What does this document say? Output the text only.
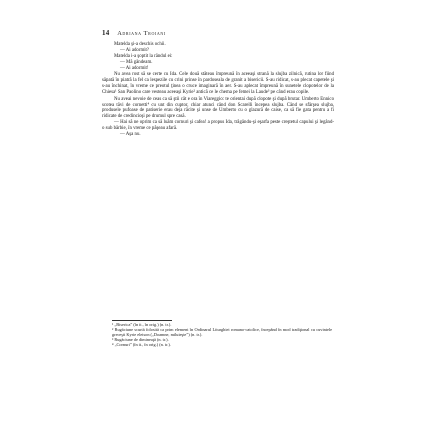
14 Adriana Troiani

Matelda şi-a deschis ochii.

— Ai adormit?

Matelda i-a şoptit la rândul ei:

— Mă gândeam.

— Ai adormit!

Nu avea rost să se certe cu Ida. Cele două stăteau împreună în aceeaşi strană la slujba zilnică, rutina lor fiind săpată în piatră la fel ca lespezile cu crini prinse în pardoseala de granit a bisericii. S-au ridicat, s-au plecat capetele şi s-au închinat, în vreme ce preotul ţinea o cruce imaginară în aer. S-au aplecat împreună în sunetele clopotelor de la Chiesa¹ San Paolino care vesteau aceeaşi Kyrie² antică ce le chema pe femei la Laude³ pe când erau copile.

Nu aveai nevoie de ceas ca să ştii cât e ora în Viareggio: te orientai după clopote şi după brutar. Umberto Ennico scotea tăvi de cornetti⁴ cu unt din cuptor, chiar atunci când don Scarelli începea slujba. Când se sfârşea slujba, produsele pufoase de patiserie erau deja răcite şi unse de Umberto cu o glazură de caise, ca să fie gata pentru a fi ridicate de credincioşi pe drumul spre casă.

— Hai să ne oprim ca să luăm cornuri şi cafea! a propus Ida, trăgându-şi eşarfa peste creştetul capului şi legând-o sub bărbie, în vreme ce păşeau afară.

— Aşa nu.

¹ „Biserica” (în it., în orig.) (n. tr.).

² Rugăciune scurtă folosită ca prim element în Ordinarul Liturghiei romano-catolice, începând în mod tradiţional cu cuvintele greceşti Kyrie eleison („Doamne, miluieşte”) (n. tr.).

³ Rugăciune de dimineaţă (n. tr.).

⁴ „Cornuri” (în it., în orig.) (n. tr.).
